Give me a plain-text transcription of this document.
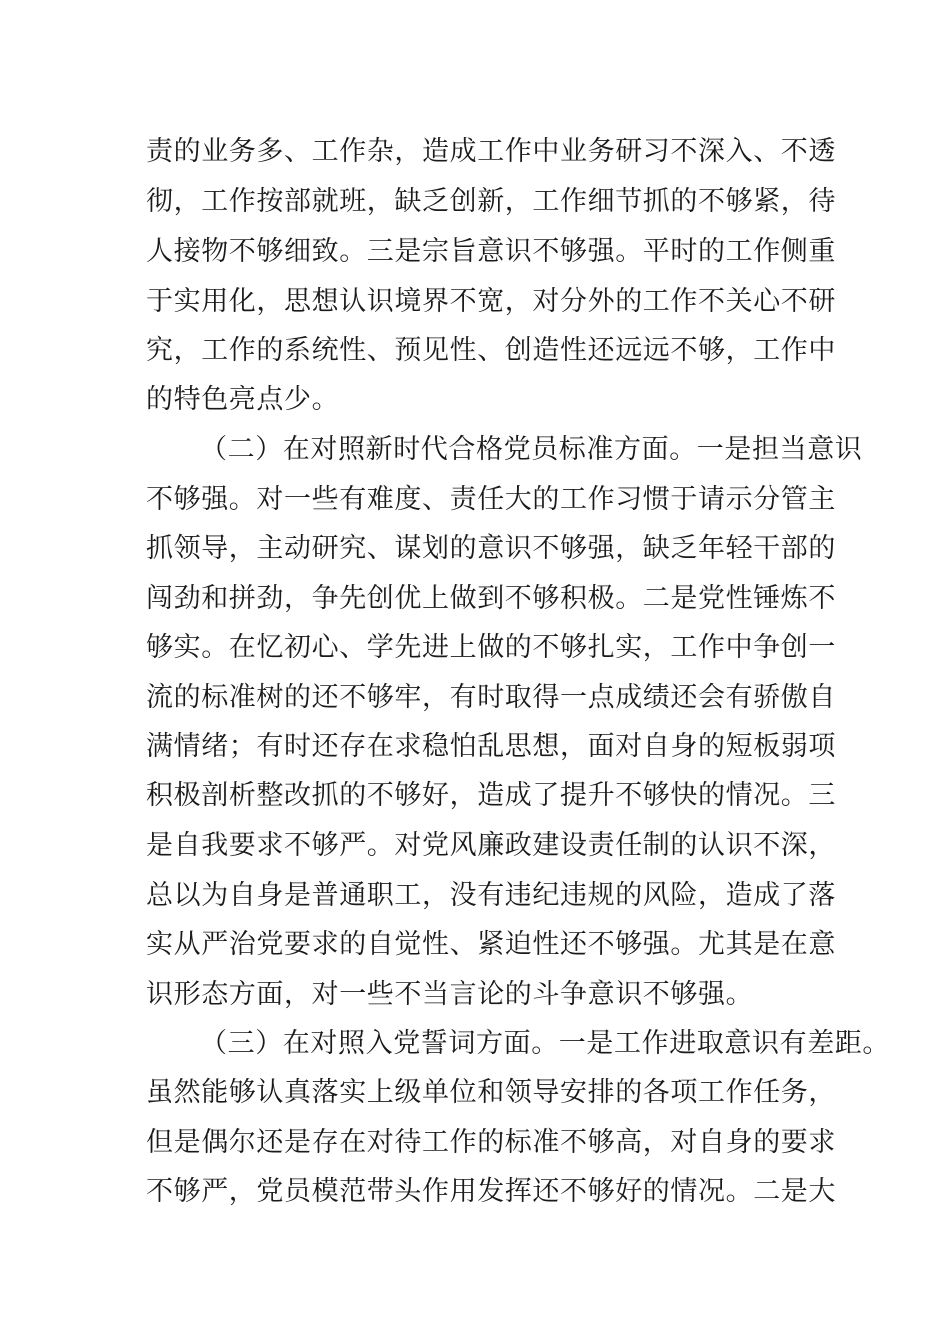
责的业务多、工作杂，造成工作中业务研习不深入、不透
彻，工作按部就班，缺乏创新，工作细节抓的不够紧，待
人接物不够细致。三是宗旨意识不够强。平时的工作侧重
于实用化，思想认识境界不宽，对分外的工作不关心不研
究，工作的系统性、预见性、创造性还远远不够，工作中
的特色亮点少。
（二）在对照新时代合格党员标准方面。一是担当意识
不够强。对一些有难度、责任大的工作习惯于请示分管主
抓领导，主动研究、谋划的意识不够强，缺乏年轻干部的
闯劲和拼劲，争先创优上做到不够积极。二是党性锤炼不
够实。在忆初心、学先进上做的不够扎实，工作中争创一
流的标准树的还不够牢，有时取得一点成绩还会有骄傲自
满情绪；有时还存在求稳怕乱思想，面对自身的短板弱项
积极剖析整改抓的不够好，造成了提升不够快的情况。三
是自我要求不够严。对党风廉政建设责任制的认识不深，
总以为自身是普通职工，没有违纪违规的风险，造成了落
实从严治党要求的自觉性、紧迫性还不够强。尤其是在意
识形态方面，对一些不当言论的斗争意识不够强。
（三）在对照入党誓词方面。一是工作进取意识有差距。
虽然能够认真落实上级单位和领导安排的各项工作任务，
但是偶尔还是存在对待工作的标准不够高，对自身的要求
不够严，党员模范带头作用发挥还不够好的情况。二是大
